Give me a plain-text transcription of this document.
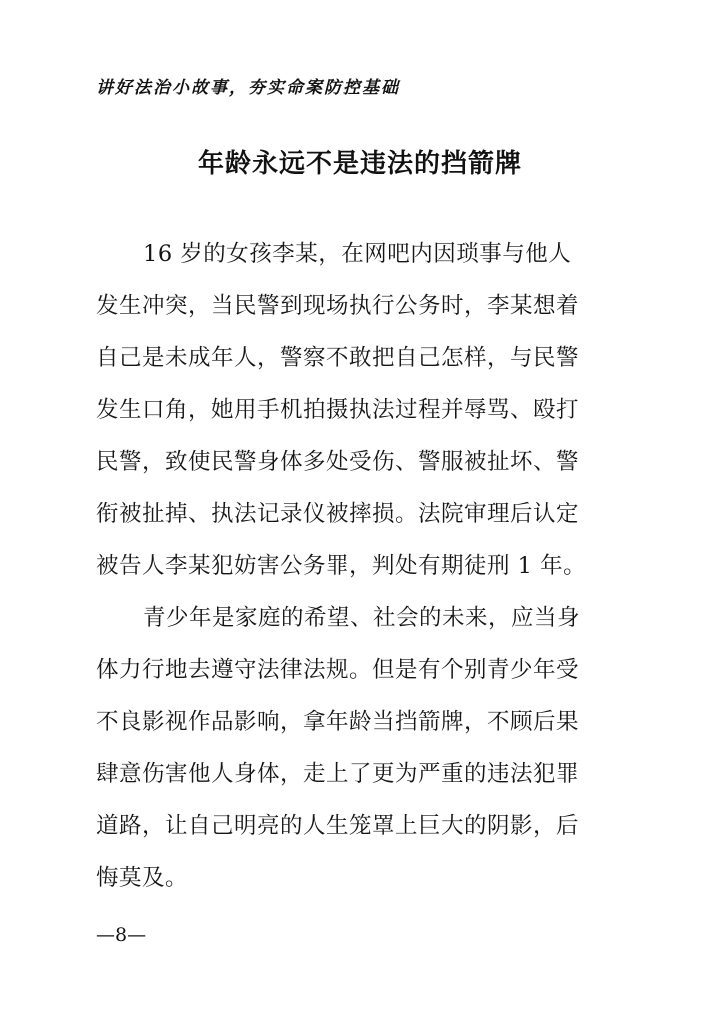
讲好法治小故事，夯实命案防控基础
年龄永远不是违法的挡箭牌
16 岁的女孩李某，在网吧内因琐事与他人
发生冲突，当民警到现场执行公务时，李某想着
自己是未成年人，警察不敢把自己怎样，与民警
发生口角，她用手机拍摄执法过程并辱骂、殴打
民警，致使民警身体多处受伤、警服被扯坏、警
衔被扯掉、执法记录仪被摔损。法院审理后认定
被告人李某犯妨害公务罪，判处有期徒刑 1 年。
青少年是家庭的希望、社会的未来，应当身
体力行地去遵守法律法规。但是有个别青少年受
不良影视作品影响，拿年龄当挡箭牌，不顾后果
肆意伤害他人身体，走上了更为严重的违法犯罪
道路，让自己明亮的人生笼罩上巨大的阴影，后
悔莫及。
—8—
